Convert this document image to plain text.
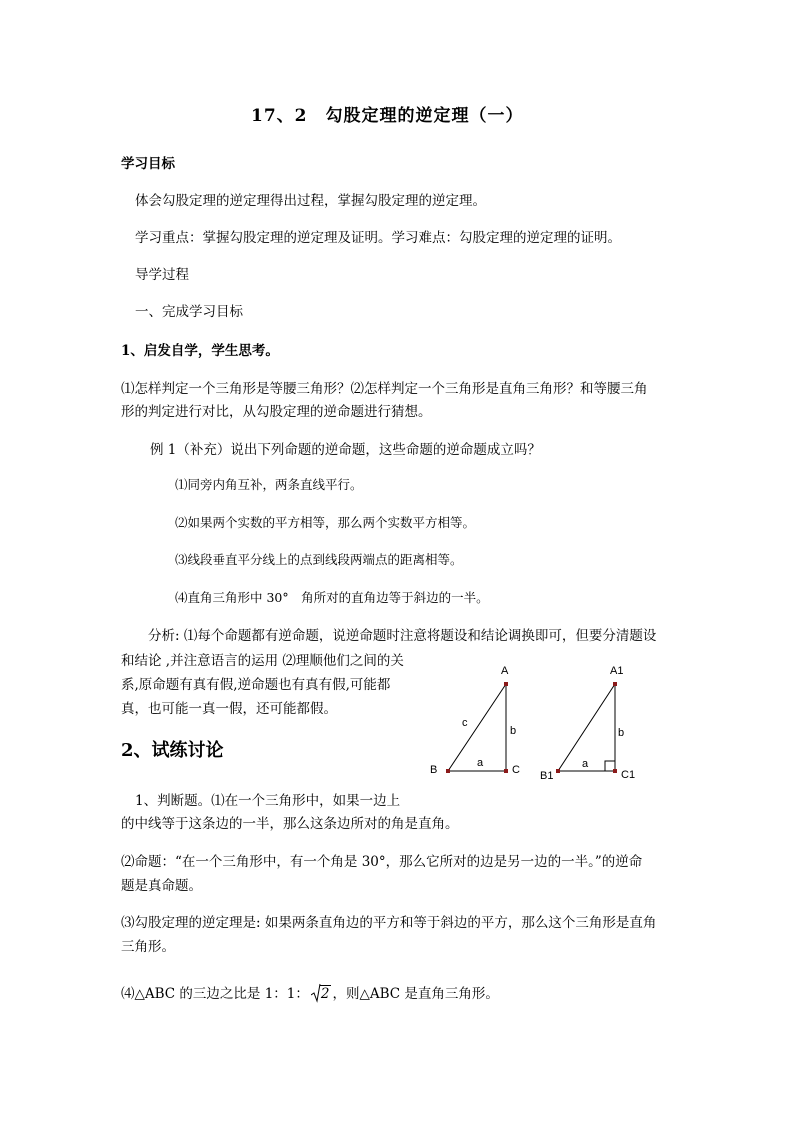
17、2　勾股定理的逆定理（一）
学习目标
体会勾股定理的逆定理得出过程，掌握勾股定理的逆定理。
学习重点：掌握勾股定理的逆定理及证明。学习难点：勾股定理的逆定理的证明。
导学过程
一、完成学习目标
1、启发自学，学生思考。
⑴怎样判定一个三角形是等腰三角形？⑵怎样判定一个三角形是直角三角形？和等腰三角
形的判定进行对比，从勾股定理的逆命题进行猜想。
例 1（补充）说出下列命题的逆命题，这些命题的逆命题成立吗？
⑴同旁内角互补，两条直线平行。
⑵如果两个实数的平方相等，那么两个实数平方相等。
⑶线段垂直平分线上的点到线段两端点的距离相等。
⑷直角三角形中 30°　角所对的直角边等于斜边的一半。
分析: ⑴每个命题都有逆命题，说逆命题时注意将题设和结论调换即可，但要分清题设
和结论 ,并注意语言的运用 ⑵理顺他们之间的关
系,原命题有真有假,逆命题也有真有假,可能都
真，也可能一真一假，还可能都假。
2、试练讨论
1、判断题。⑴在一个三角形中，如果一边上
的中线等于这条边的一半，那么这条边所对的角是直角。
⑵命题：“在一个三角形中，有一个角是 30°，那么它所对的边是另一边的一半。”的逆命
题是真命题。
⑶勾股定理的逆定理是: 如果两条直角边的平方和等于斜边的平方，那么这个三角形是直角
三角形。
⑷△ABC 的三边之比是 1：1： 2 ，则△ABC 是直角三角形。
A
B	C
a
b
c
A1
B1	C1
a
b
